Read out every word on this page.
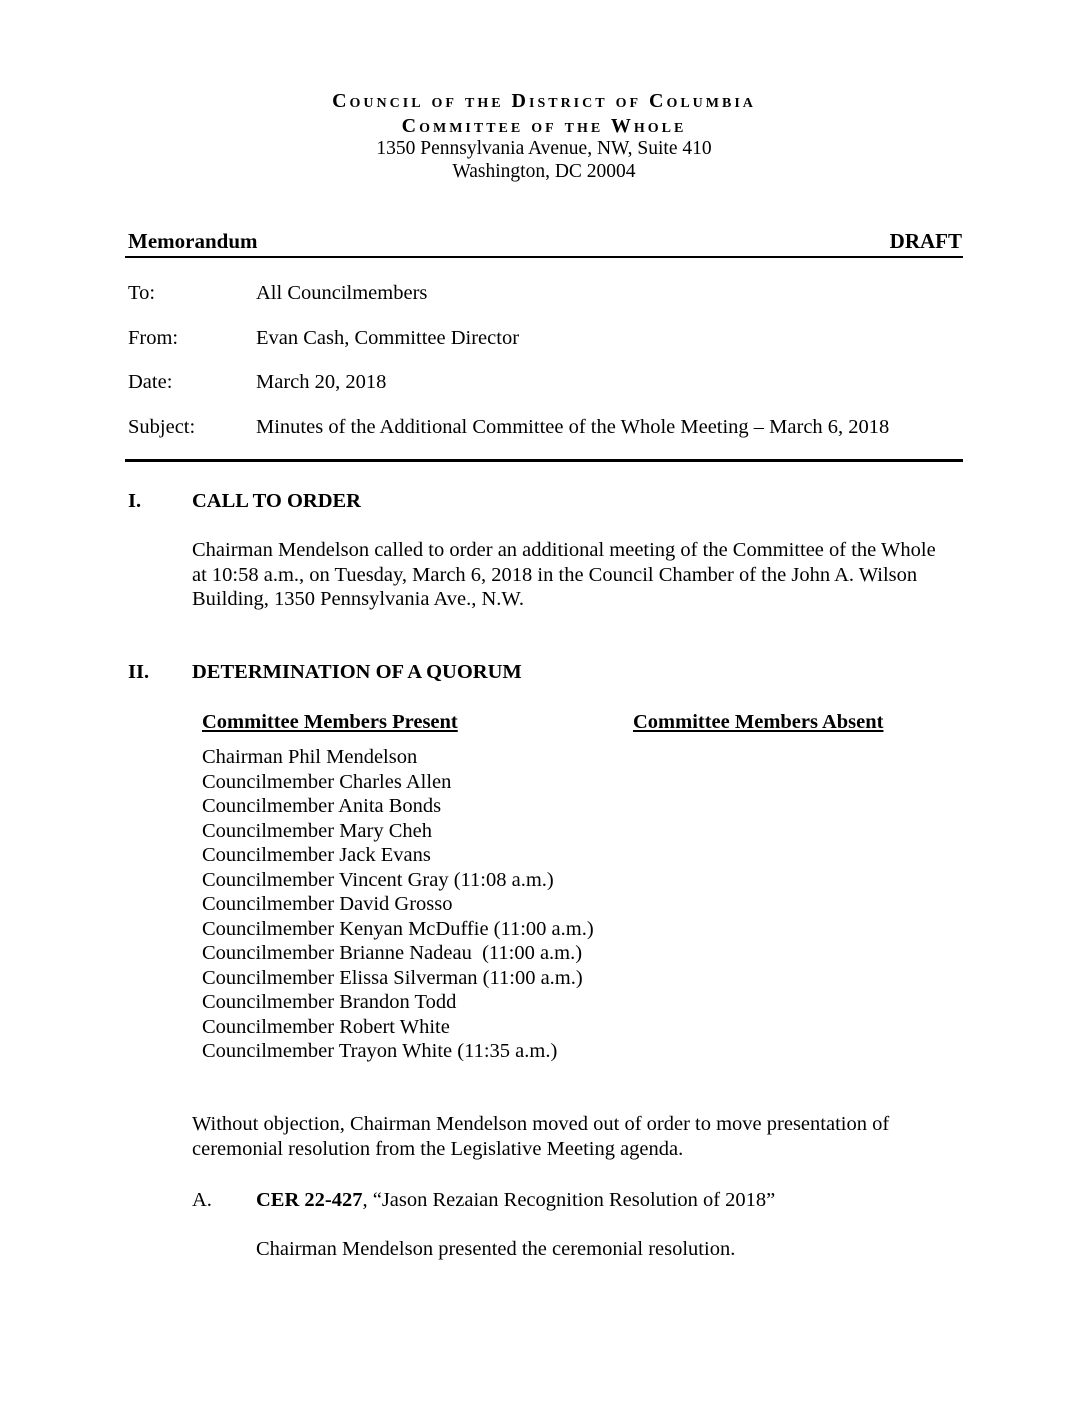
Council of the District of Columbia
Committee of the Whole
1350 Pennsylvania Avenue, NW, Suite 410
Washington, DC 20004
Memorandum	DRAFT
To:	All Councilmembers
From:	Evan Cash, Committee Director
Date:	March 20, 2018
Subject:	Minutes of the Additional Committee of the Whole Meeting – March 6, 2018
I. CALL TO ORDER
Chairman Mendelson called to order an additional meeting of the Committee of the Whole
at 10:58 a.m., on Tuesday, March 6, 2018 in the Council Chamber of the John A. Wilson
Building, 1350 Pennsylvania Ave., N.W.
II. DETERMINATION OF A QUORUM
Committee Members Present	Committee Members Absent
Chairman Phil Mendelson
Councilmember Charles Allen
Councilmember Anita Bonds
Councilmember Mary Cheh
Councilmember Jack Evans
Councilmember Vincent Gray (11:08 a.m.)
Councilmember David Grosso
Councilmember Kenyan McDuffie (11:00 a.m.)
Councilmember Brianne Nadeau  (11:00 a.m.)
Councilmember Elissa Silverman (11:00 a.m.)
Councilmember Brandon Todd
Councilmember Robert White
Councilmember Trayon White (11:35 a.m.)
Without objection, Chairman Mendelson moved out of order to move presentation of
ceremonial resolution from the Legislative Meeting agenda.
A. CER 22-427, “Jason Rezaian Recognition Resolution of 2018”
Chairman Mendelson presented the ceremonial resolution.
